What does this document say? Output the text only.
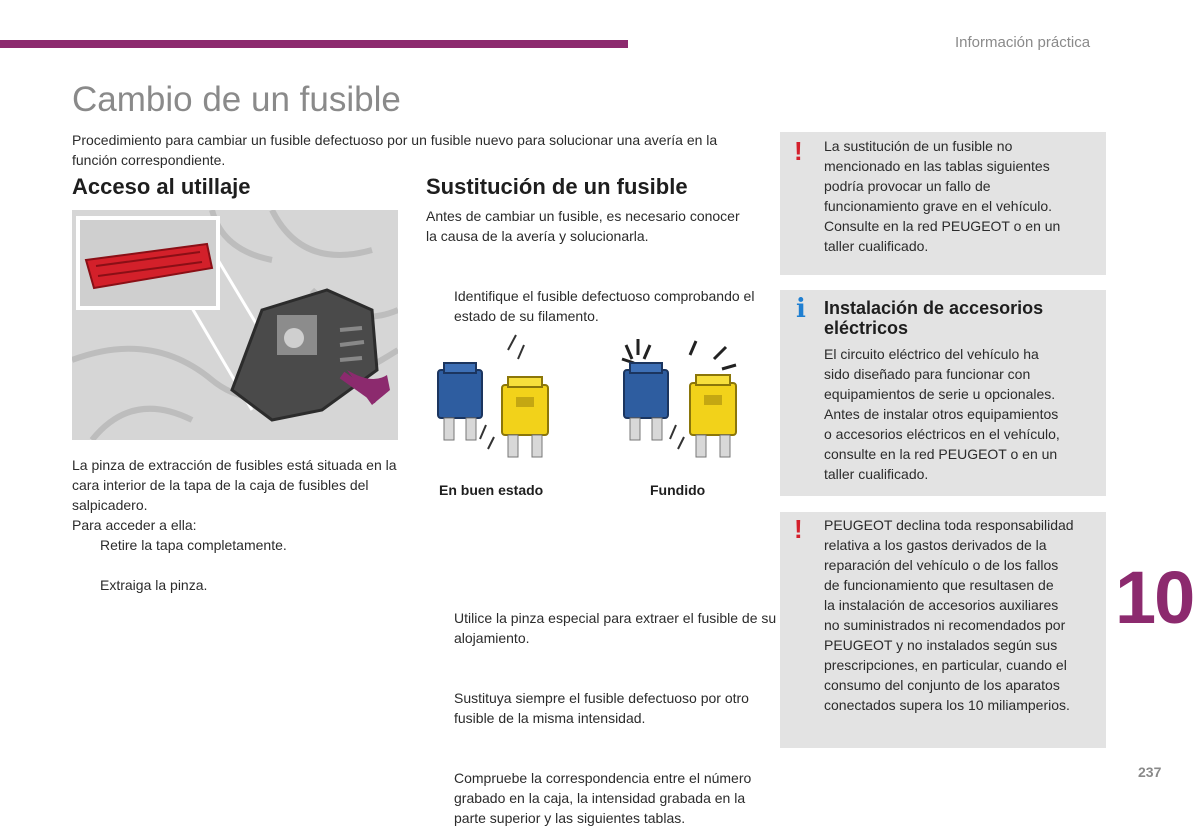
Información práctica
Cambio de un fusible
Procedimiento para cambiar un fusible defectuoso por un fusible nuevo para solucionar una avería en la función correspondiente.
Acceso al utillaje
La pinza de extracción de fusibles está situada en la cara interior de la tapa de la caja de fusibles del salpicadero.
Para acceder a ella:
Retire la tapa completamente.
Extraiga la pinza.
Sustitución de un fusible
Antes de cambiar un fusible, es necesario conocer la causa de la avería y solucionarla.
Identifique el fusible defectuoso comprobando el estado de su filamento.
En buen estado	Fundido
Utilice la pinza especial para extraer el fusible de su alojamiento.
Sustituya siempre el fusible defectuoso por otro fusible de la misma intensidad.
Compruebe la correspondencia entre el número grabado en la caja, la intensidad grabada en la parte superior y las siguientes tablas.
! La sustitución de un fusible no
mencionado en las tablas siguientes
podría provocar un fallo de
funcionamiento grave en el vehículo.
Consulte en la red PEUGEOT o en un
taller cualificado.
i Instalación de accesorios
eléctricos
El circuito eléctrico del vehículo ha
sido diseñado para funcionar con
equipamientos de serie u opcionales.
Antes de instalar otros equipamientos
o accesorios eléctricos en el vehículo,
consulte en la red PEUGEOT o en un
taller cualificado.
! PEUGEOT declina toda responsabilidad
relativa a los gastos derivados de la
reparación del vehículo o de los fallos
de funcionamiento que resultasen de
la instalación de accesorios auxiliares
no suministrados ni recomendados por
PEUGEOT y no instalados según sus
prescripciones, en particular, cuando el
consumo del conjunto de los aparatos
conectados supera los 10 miliamperios.
10
237
